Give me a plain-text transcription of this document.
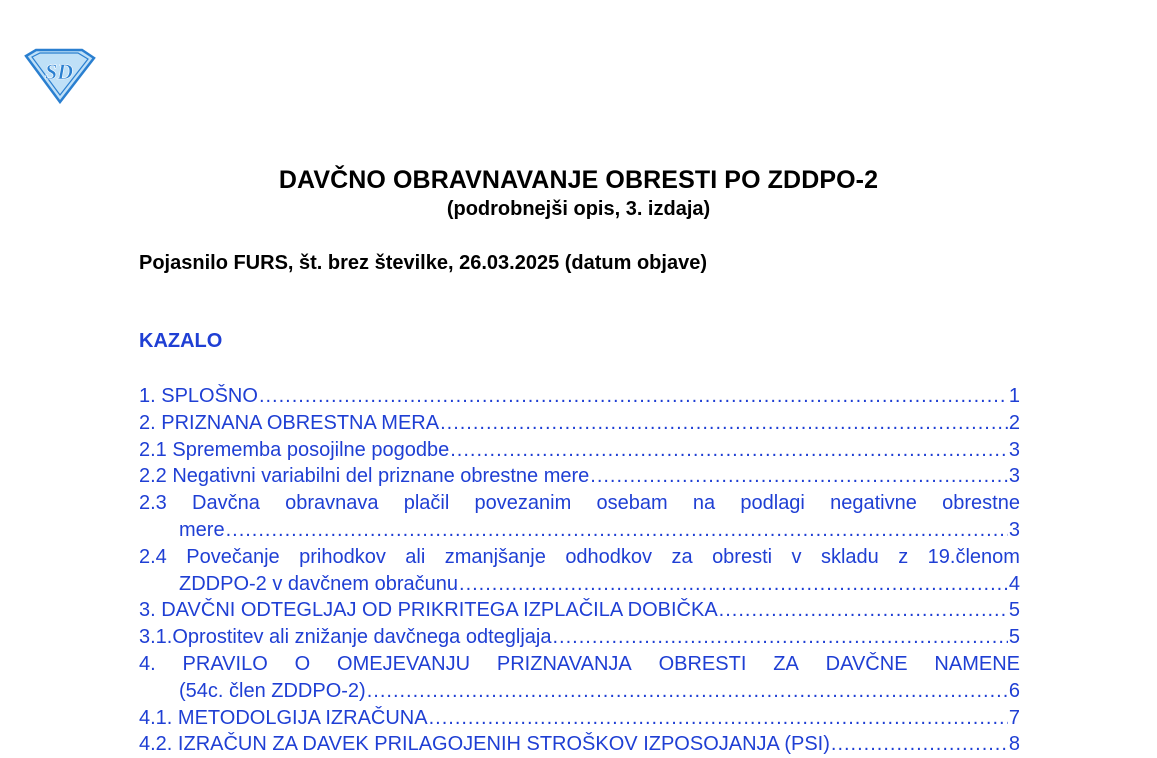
SD
DAVČNO OBRAVNAVANJE OBRESTI PO ZDDPO-2
(podrobnejši opis, 3. izdaja)
Pojasnilo FURS, št. brez številke, 26.03.2025 (datum objave)
KAZALO
1. SPLOŠNO .....	1
2. PRIZNANA OBRESTNA MERA .....	2
2.1 Sprememba posojilne pogodbe .....	3
2.2 Negativni variabilni del priznane obrestne mere .....	3
2.3 Davčna obravnava plačil povezanim osebam na podlagi negativne obrestne
mere .....	3
2.4 Povečanje prihodkov ali zmanjšanje odhodkov za obresti v skladu z 19.členom
ZDDPO-2 v davčnem obračunu .....	4
3. DAVČNI ODTEGLJAJ OD PRIKRITEGA IZPLAČILA DOBIČKA .....	5
3.1.Oprostitev ali znižanje davčnega odtegljaja .....	5
4. PRAVILO O OMEJEVANJU PRIZNAVANJA OBRESTI ZA DAVČNE NAMENE
(54c. člen ZDDPO-2) .....	6
4.1. METODOLGIJA IZRAČUNA .....	7
4.2. IZRAČUN ZA DAVEK PRILAGOJENIH STROŠKOV IZPOSOJANJA (PSI) .....	8
